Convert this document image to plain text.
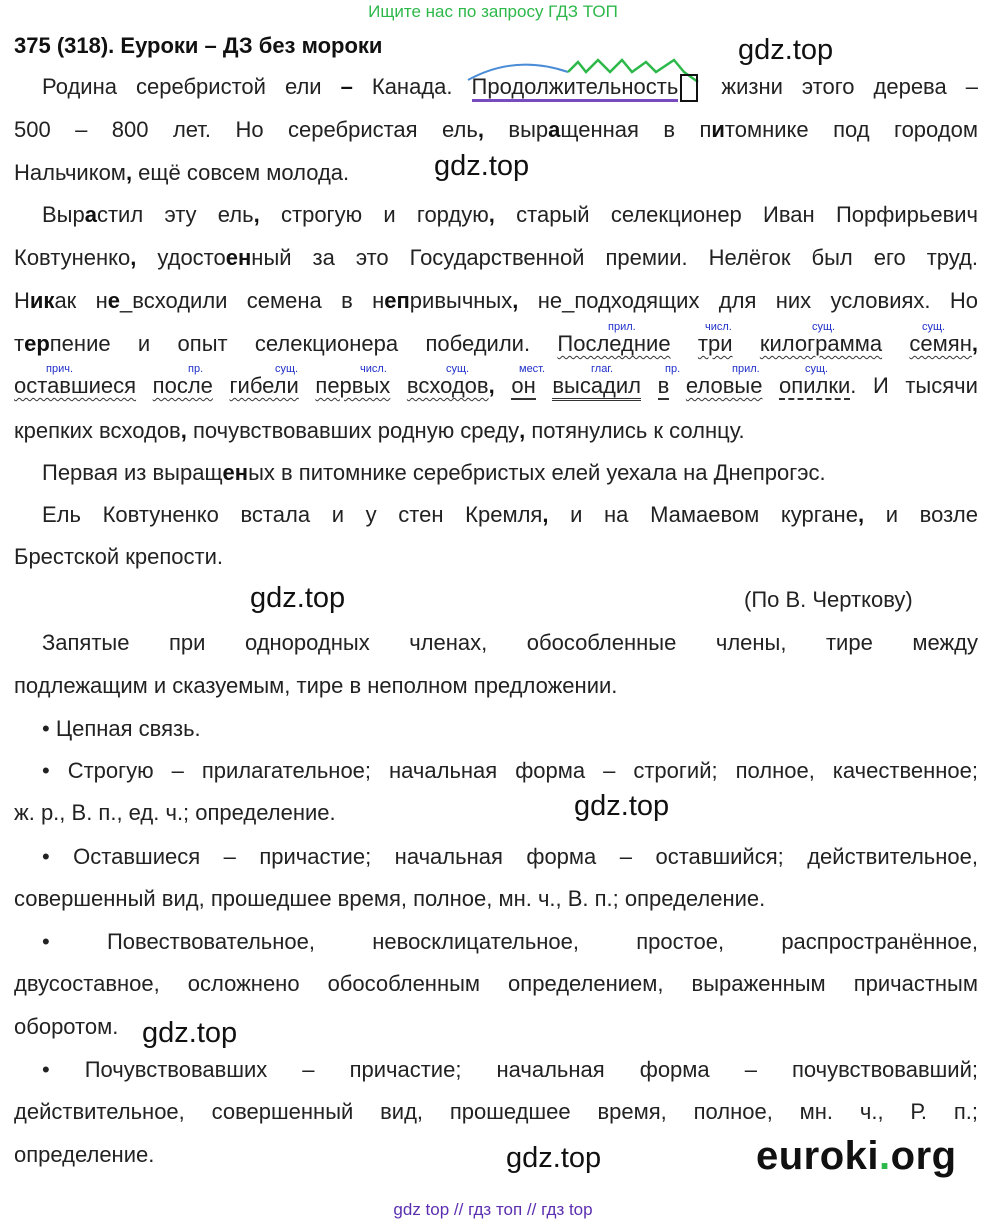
Ищите нас по запросу ГДЗ ТОП
375 (318). Еуроки – ДЗ без мороки
Родина серебристой ели – Канада. Продолжительность жизни этого дерева –
500 – 800 лет. Но серебристая ель, выращенная в питомнике под городом
Нальчиком, ещё совсем молода.
Вырастил эту ель, строгую и гордую, старый селекционер Иван Порфирьевич
Ковтуненко, удостоенный за это Государственной премии. Нелёгок был его труд.
Никак не_всходили семена в непривычных, не_подходящих для них условиях. Но
прил.	числ.	сущ.	сущ.
терпение и опыт селекционера победили. Последние три килограмма семян,
прич.	пр.	сущ.	числ.	сущ.	мест.	глаг.	пр.	прил.	сущ.
оставшиеся после гибели первых всходов, он высадил в еловые опилки. И тысячи
крепких всходов, почувствовавших родную среду, потянулись к солнцу.
Первая из выращеных в питомнике серебристых елей уехала на Днепрогэс.
Ель Ковтуненко встала и у стен Кремля, и на Мамаевом кургане, и возле
Брестской крепости.
(По В. Черткову)
Запятые при однородных членах, обособленные члены, тире между
подлежащим и сказуемым, тире в неполном предложении.
• Цепная связь.
• Строгую – прилагательное; начальная форма – строгий; полное, качественное;
ж. р., В. п., ед. ч.; определение.
• Оставшиеся – причастие; начальная форма – оставшийся; действительное,
совершенный вид, прошедшее время, полное, мн. ч., В. п.; определение.
• Повествовательное, невосклицательное, простое, распространённое,
двусоставное, осложнено обособленным определением, выраженным причастным
оборотом.
• Почувствовавших – причастие; начальная форма – почувствовавший;
действительное, совершенный вид, прошедшее время, полное, мн. ч., Р. п.;
определение.
gdz.top
gdz.top
gdz.top
gdz.top
gdz.top
gdz.top	euroki.org
gdz top // гдз топ // гдз top
